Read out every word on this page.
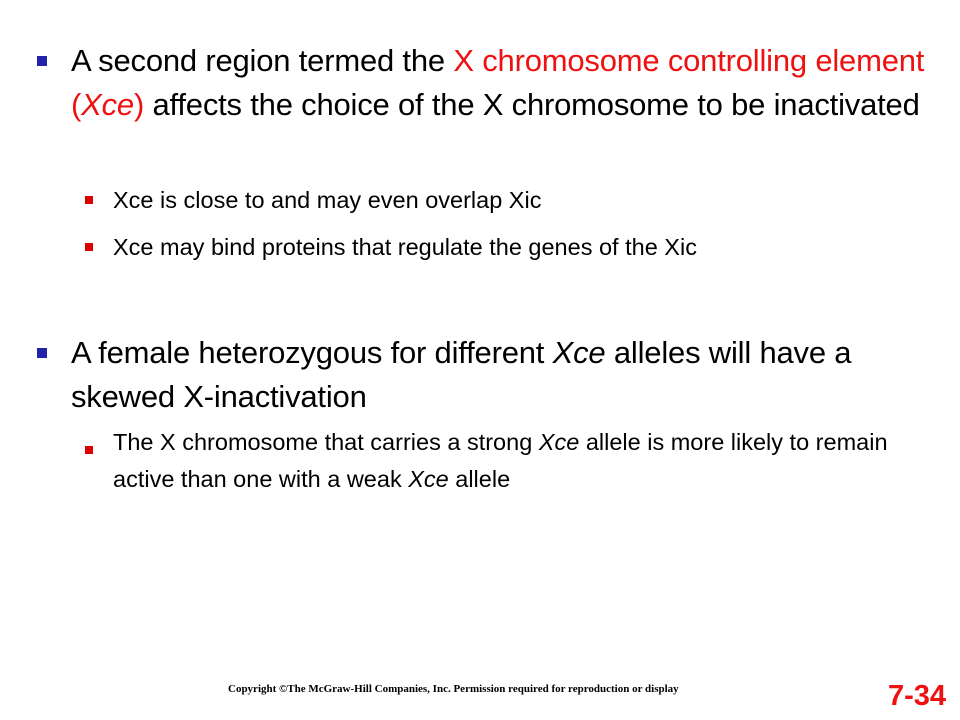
A second region termed the X chromosome controlling element (Xce) affects the choice of the X chromosome to be inactivated
Xce is close to and may even overlap Xic
Xce may bind proteins that regulate the genes of the Xic
A female heterozygous for different Xce alleles will have a skewed X-inactivation
The X chromosome that carries a strong Xce allele is more likely to remain active than one with a weak Xce allele
Copyright ©The McGraw-Hill Companies, Inc. Permission required for reproduction or display	7-34
